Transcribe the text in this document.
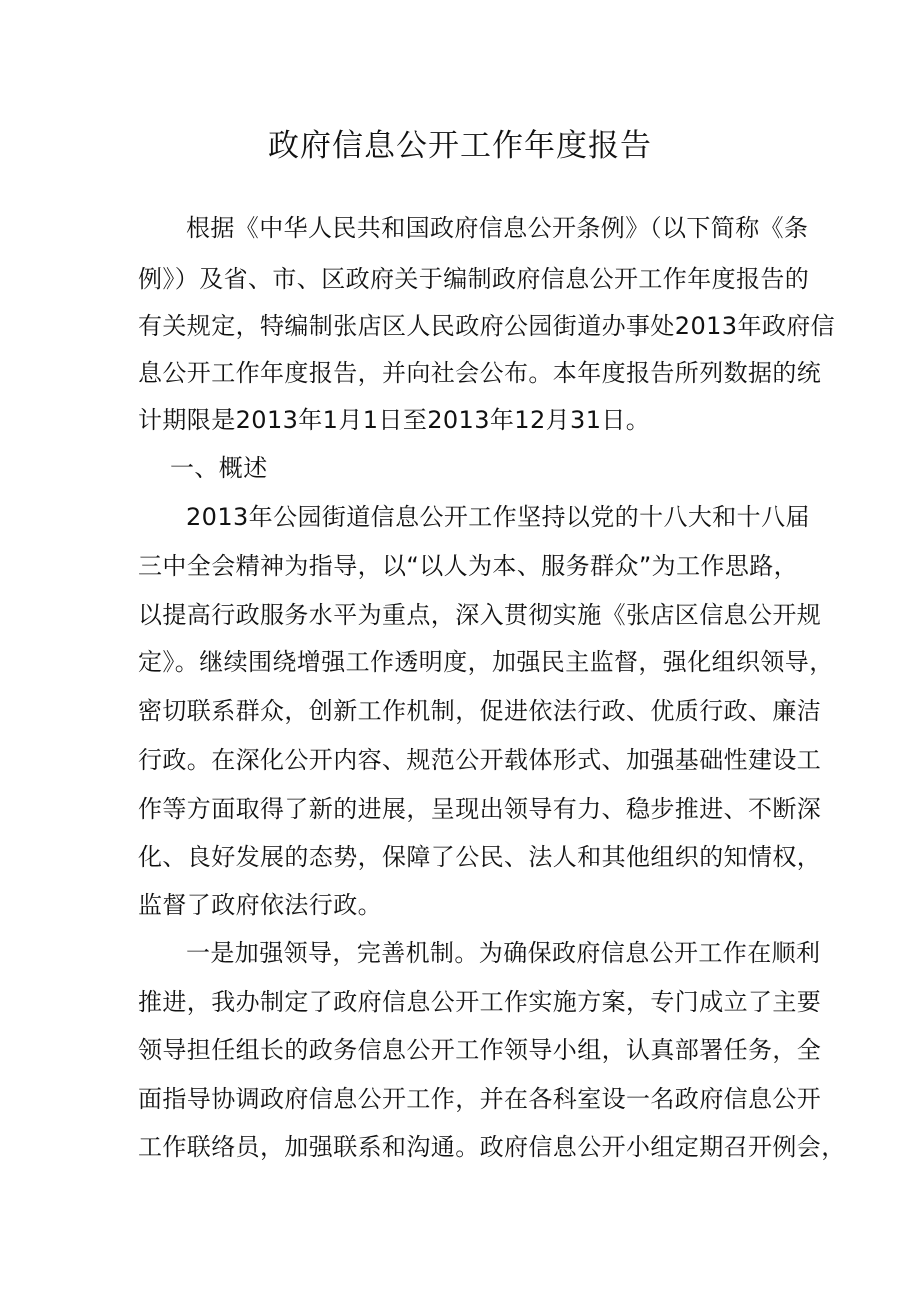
政府信息公开工作年度报告
根据《中华人民共和国政府信息公开条例》（以下简称《条
例》）及省、市、区政府关于编制政府信息公开工作年度报告的
有关规定，特编制张店区人民政府公园街道办事处2013年政府信
息公开工作年度报告，并向社会公布。本年度报告所列数据的统
计期限是2013年1月1日至2013年12月31日。
一、概述
2013年公园街道信息公开工作坚持以党的十八大和十八届
三中全会精神为指导，以“以人为本、服务群众”为工作思路，
以提高行政服务水平为重点，深入贯彻实施《张店区信息公开规
定》。继续围绕增强工作透明度，加强民主监督，强化组织领导，
密切联系群众，创新工作机制，促进依法行政、优质行政、廉洁
行政。在深化公开内容、规范公开载体形式、加强基础性建设工
作等方面取得了新的进展，呈现出领导有力、稳步推进、不断深
化、良好发展的态势，保障了公民、法人和其他组织的知情权，
监督了政府依法行政。
一是加强领导，完善机制。为确保政府信息公开工作在顺利
推进，我办制定了政府信息公开工作实施方案，专门成立了主要
领导担任组长的政务信息公开工作领导小组，认真部署任务，全
面指导协调政府信息公开工作，并在各科室设一名政府信息公开
工作联络员，加强联系和沟通。政府信息公开小组定期召开例会，
